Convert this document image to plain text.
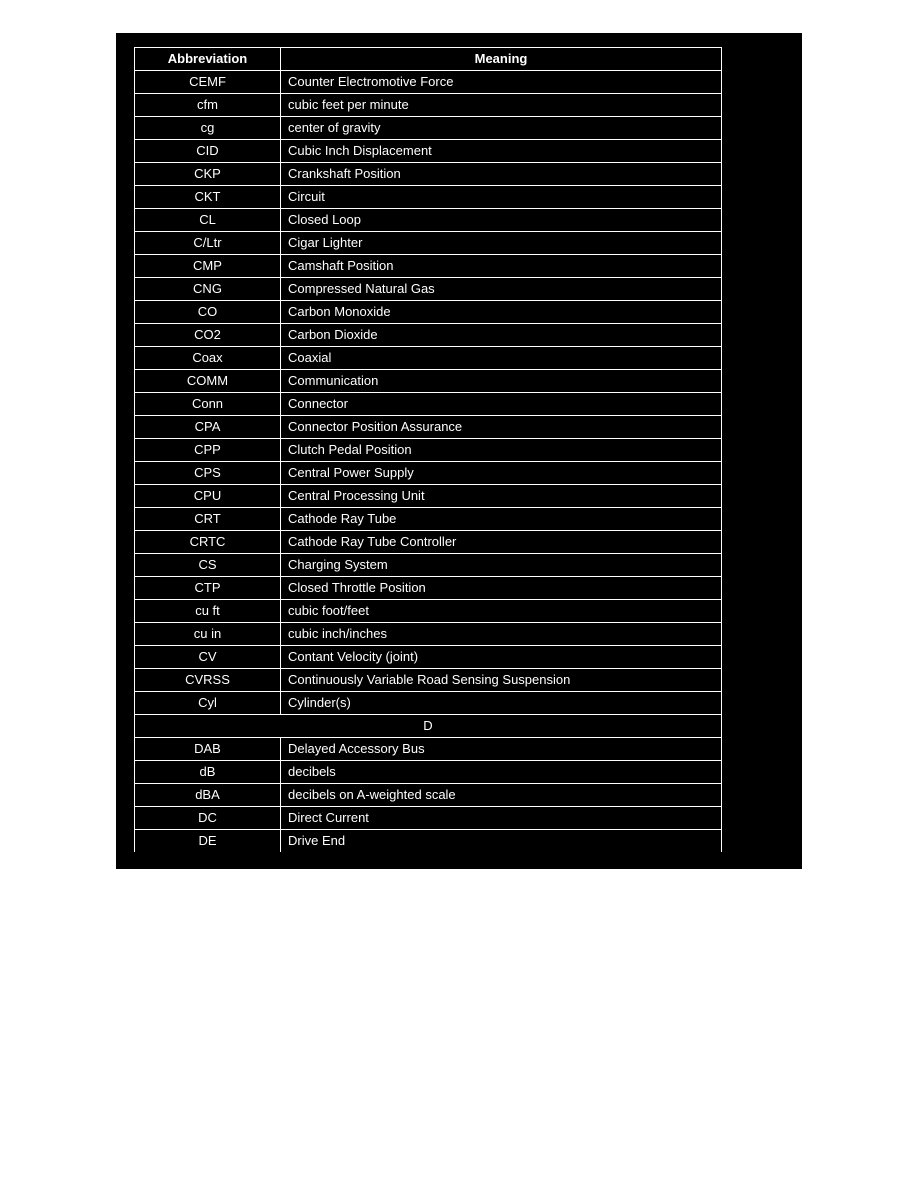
Abbreviation	Meaning
CEMF	Counter Electromotive Force
cfm	cubic feet per minute
cg	center of gravity
CID	Cubic Inch Displacement
CKP	Crankshaft Position
CKT	Circuit
CL	Closed Loop
C/Ltr	Cigar Lighter
CMP	Camshaft Position
CNG	Compressed Natural Gas
CO	Carbon Monoxide
CO2	Carbon Dioxide
Coax	Coaxial
COMM	Communication
Conn	Connector
CPA	Connector Position Assurance
CPP	Clutch Pedal Position
CPS	Central Power Supply
CPU	Central Processing Unit
CRT	Cathode Ray Tube
CRTC	Cathode Ray Tube Controller
CS	Charging System
CTP	Closed Throttle Position
cu ft	cubic foot/feet
cu in	cubic inch/inches
CV	Contant Velocity (joint)
CVRSS	Continuously Variable Road Sensing Suspension
Cyl	Cylinder(s)
D	
DAB	Delayed Accessory Bus
dB	decibels
dBA	decibels on A-weighted scale
DC	Direct Current
DE	Drive End
